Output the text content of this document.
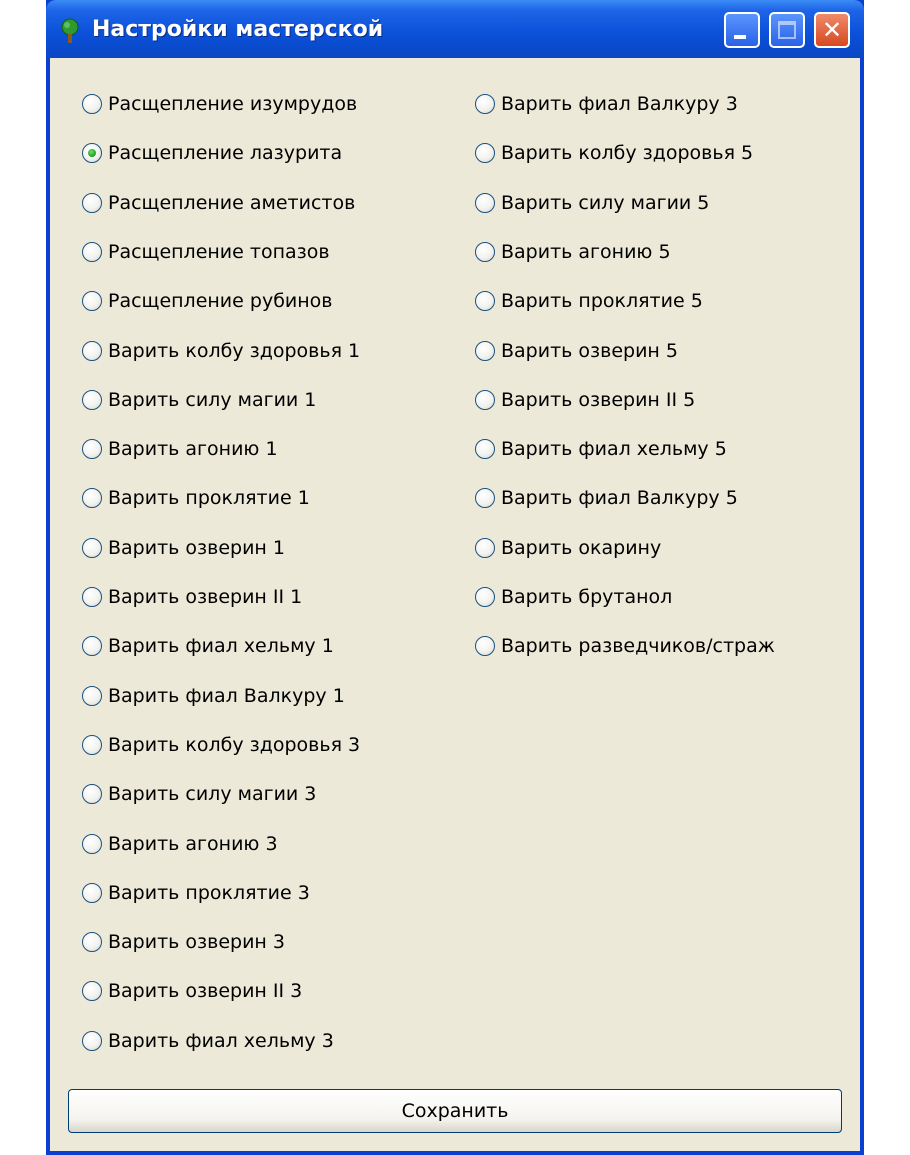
Настройки мастерской	✕
Расщепление изумрудов
Расщепление лазурита
Расщепление аметистов
Расщепление топазов
Расщепление рубинов
Варить колбу здоровья 1
Варить силу магии 1
Варить агонию 1
Варить проклятие 1
Варить озверин 1
Варить озверин II 1
Варить фиал хельму 1
Варить фиал Валкуру 1
Варить колбу здоровья 3
Варить силу магии 3
Варить агонию 3
Варить проклятие 3
Варить озверин 3
Варить озверин II 3
Варить фиал хельму 3
Варить фиал Валкуру 3
Варить колбу здоровья 5
Варить силу магии 5
Варить агонию 5
Варить проклятие 5
Варить озверин 5
Варить озверин II 5
Варить фиал хельму 5
Варить фиал Валкуру 5
Варить окарину
Варить брутанол
Варить разведчиков/страж
Сохранить
